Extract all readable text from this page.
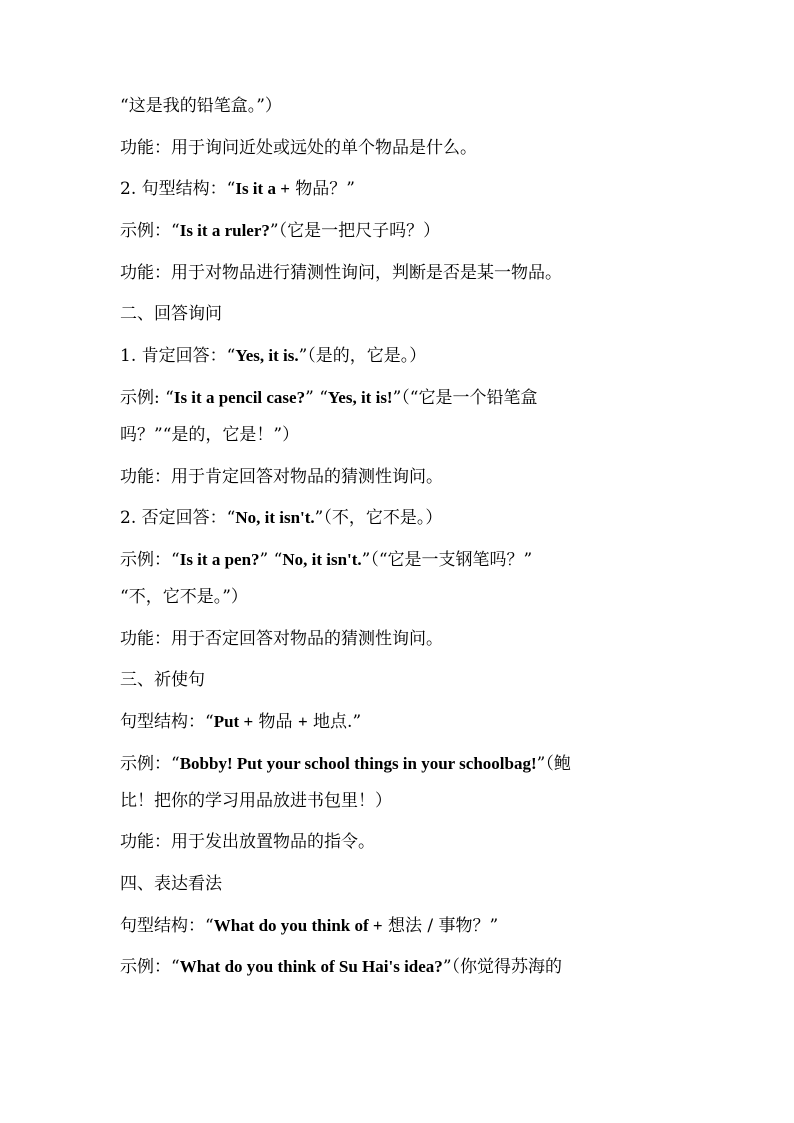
“这是我的铅笔盒。”）

功能：用于询问近处或远处的单个物品是什么。

2. 句型结构：“Is it a + 物品？”

示例：“Is it a ruler?”（它是一把尺子吗？）

功能：用于对物品进行猜测性询问，判断是否是某一物品。

二、回答询问

1. 肯定回答：“Yes, it is.”（是的，它是。）

示例: “Is it a pencil case?” “Yes, it is!”（“它是一个铅笔盒

吗？”“是的，它是！”）

功能：用于肯定回答对物品的猜测性询问。

2. 否定回答：“No, it isn't.”（不，它不是。）

示例：“Is it a pen?” “No, it isn't.”（“它是一支钢笔吗？”

“不，它不是。”）

功能：用于否定回答对物品的猜测性询问。

三、祈使句

句型结构：“Put + 物品 + 地点.”

示例：“Bobby! Put your school things in your schoolbag!”（鲍

比！把你的学习用品放进书包里！）

功能：用于发出放置物品的指令。

四、表达看法

句型结构：“What do you think of + 想法 / 事物？”

示例：“What do you think of Su Hai's idea?”（你觉得苏海的
